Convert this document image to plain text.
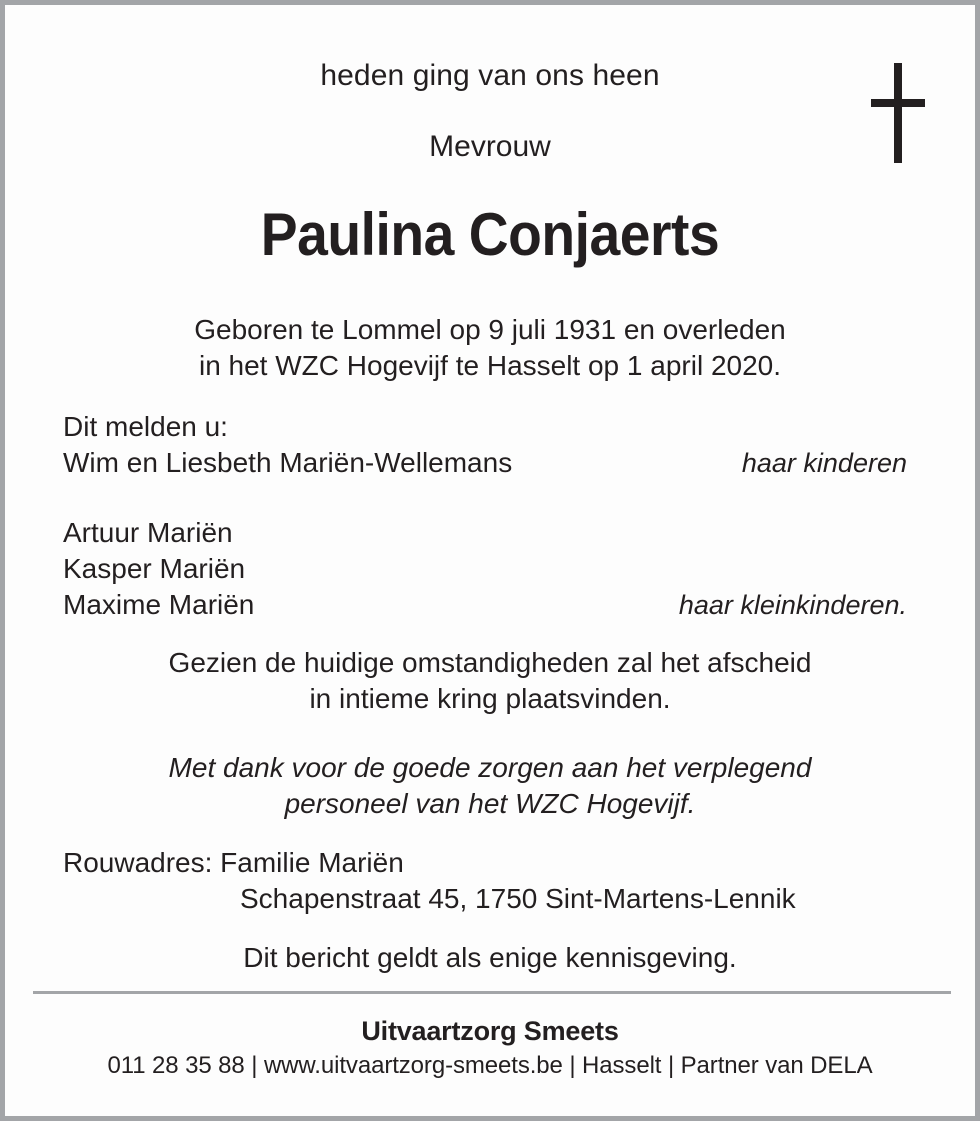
heden ging van ons heen
Mevrouw
Paulina Conjaerts
Geboren te Lommel op 9 juli 1931 en overleden
in het WZC Hogevijf te Hasselt op 1 april 2020.
Dit melden u:
Wim en Liesbeth Mariën-Wellemans	haar kinderen
Artuur Mariën
Kasper Mariën
Maxime Mariën	haar kleinkinderen.
Gezien de huidige omstandigheden zal het afscheid
in intieme kring plaatsvinden.
Met dank voor de goede zorgen aan het verplegend
personeel van het WZC Hogevijf.
Rouwadres: Familie Mariën
Schapenstraat 45, 1750 Sint-Martens-Lennik
Dit bericht geldt als enige kennisgeving.
Uitvaartzorg Smeets
011 28 35 88 | www.uitvaartzorg-smeets.be | Hasselt | Partner van DELA
